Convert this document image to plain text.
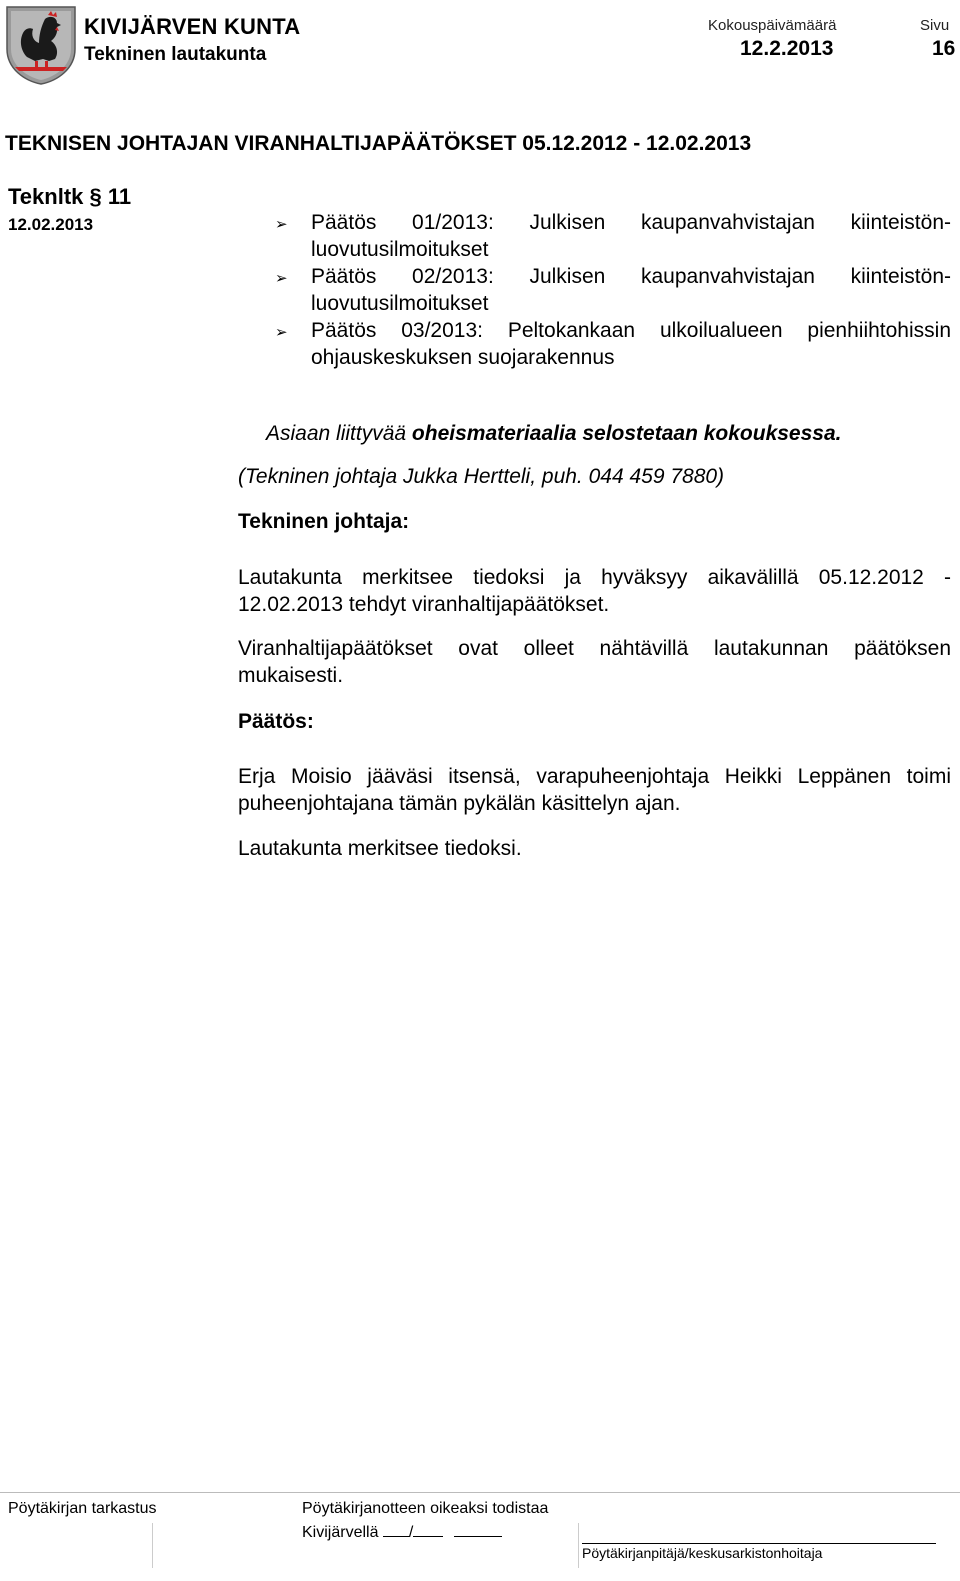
KIVIJÄRVEN KUNTA
Tekninen lautakunta
Kokouspäivämäärä
12.2.2013
Sivu
16
TEKNISEN JOHTAJAN VIRANHALTIJAPÄÄTÖKSET 05.12.2012 - 12.02.2013
Teknltk § 11
12.02.2013	➢ Päätös 01/2013: Julkisen kaupanvahvistajan kiinteistön-luovutusilmoitukset
➢ Päätös 02/2013: Julkisen kaupanvahvistajan kiinteistön-luovutusilmoitukset
➢ Päätös 03/2013: Peltokankaan ulkoilualueen pienhiihtohissin ohjauskeskuksen suojarakennus
Asiaan liittyvää oheismateriaalia selostetaan kokouksessa.
(Tekninen johtaja Jukka Hertteli, puh. 044 459 7880)
Tekninen johtaja:
Lautakunta merkitsee tiedoksi ja hyväksyy aikavälillä 05.12.2012 - 12.02.2013 tehdyt viranhaltijapäätökset.
Viranhaltijapäätökset ovat olleet nähtävillä lautakunnan päätöksen mukaisesti.
Päätös:
Erja Moisio jääväsi itsensä, varapuheenjohtaja Heikki Leppänen toimi puheenjohtajana tämän pykälän käsittelyn ajan.
Lautakunta merkitsee tiedoksi.
Pöytäkirjan tarkastus	Pöytäkirjanotteen oikeaksi todistaa
Kivijärvellä /
Pöytäkirjanpitäjä/keskusarkistonhoitaja
